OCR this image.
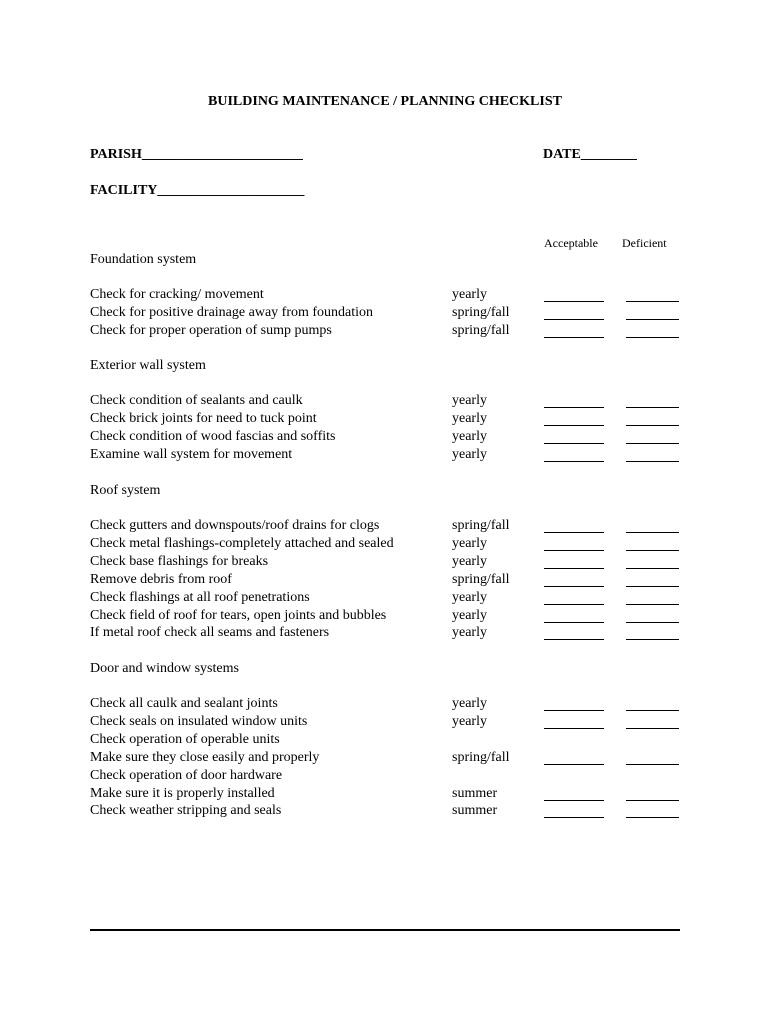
BUILDING MAINTENANCE / PLANNING CHECKLIST
PARISH_______________________	DATE________
FACILITY_____________________
Acceptable Deficient
Foundation system
Check for cracking/ movement	yearly
Check for positive drainage away from foundation	spring/fall
Check for proper operation of sump pumps	spring/fall
Exterior wall system
Check condition of sealants and caulk	yearly
Check brick joints for need to tuck point	yearly
Check condition of wood fascias and soffits	yearly
Examine wall system for movement	yearly
Roof system
Check gutters and downspouts/roof drains for clogs	spring/fall
Check metal flashings-completely attached and sealed	yearly
Check base flashings for breaks	yearly
Remove debris from roof	spring/fall
Check flashings at all roof penetrations	yearly
Check field of roof for tears, open joints and bubbles	yearly
If metal roof check all seams and fasteners	yearly
Door and window systems
Check all caulk and sealant joints	yearly
Check seals on insulated window units	yearly
Check operation of operable units
Make sure they close easily and properly	spring/fall
Check operation of door hardware
Make sure it is properly installed	summer
Check weather stripping and seals	summer
